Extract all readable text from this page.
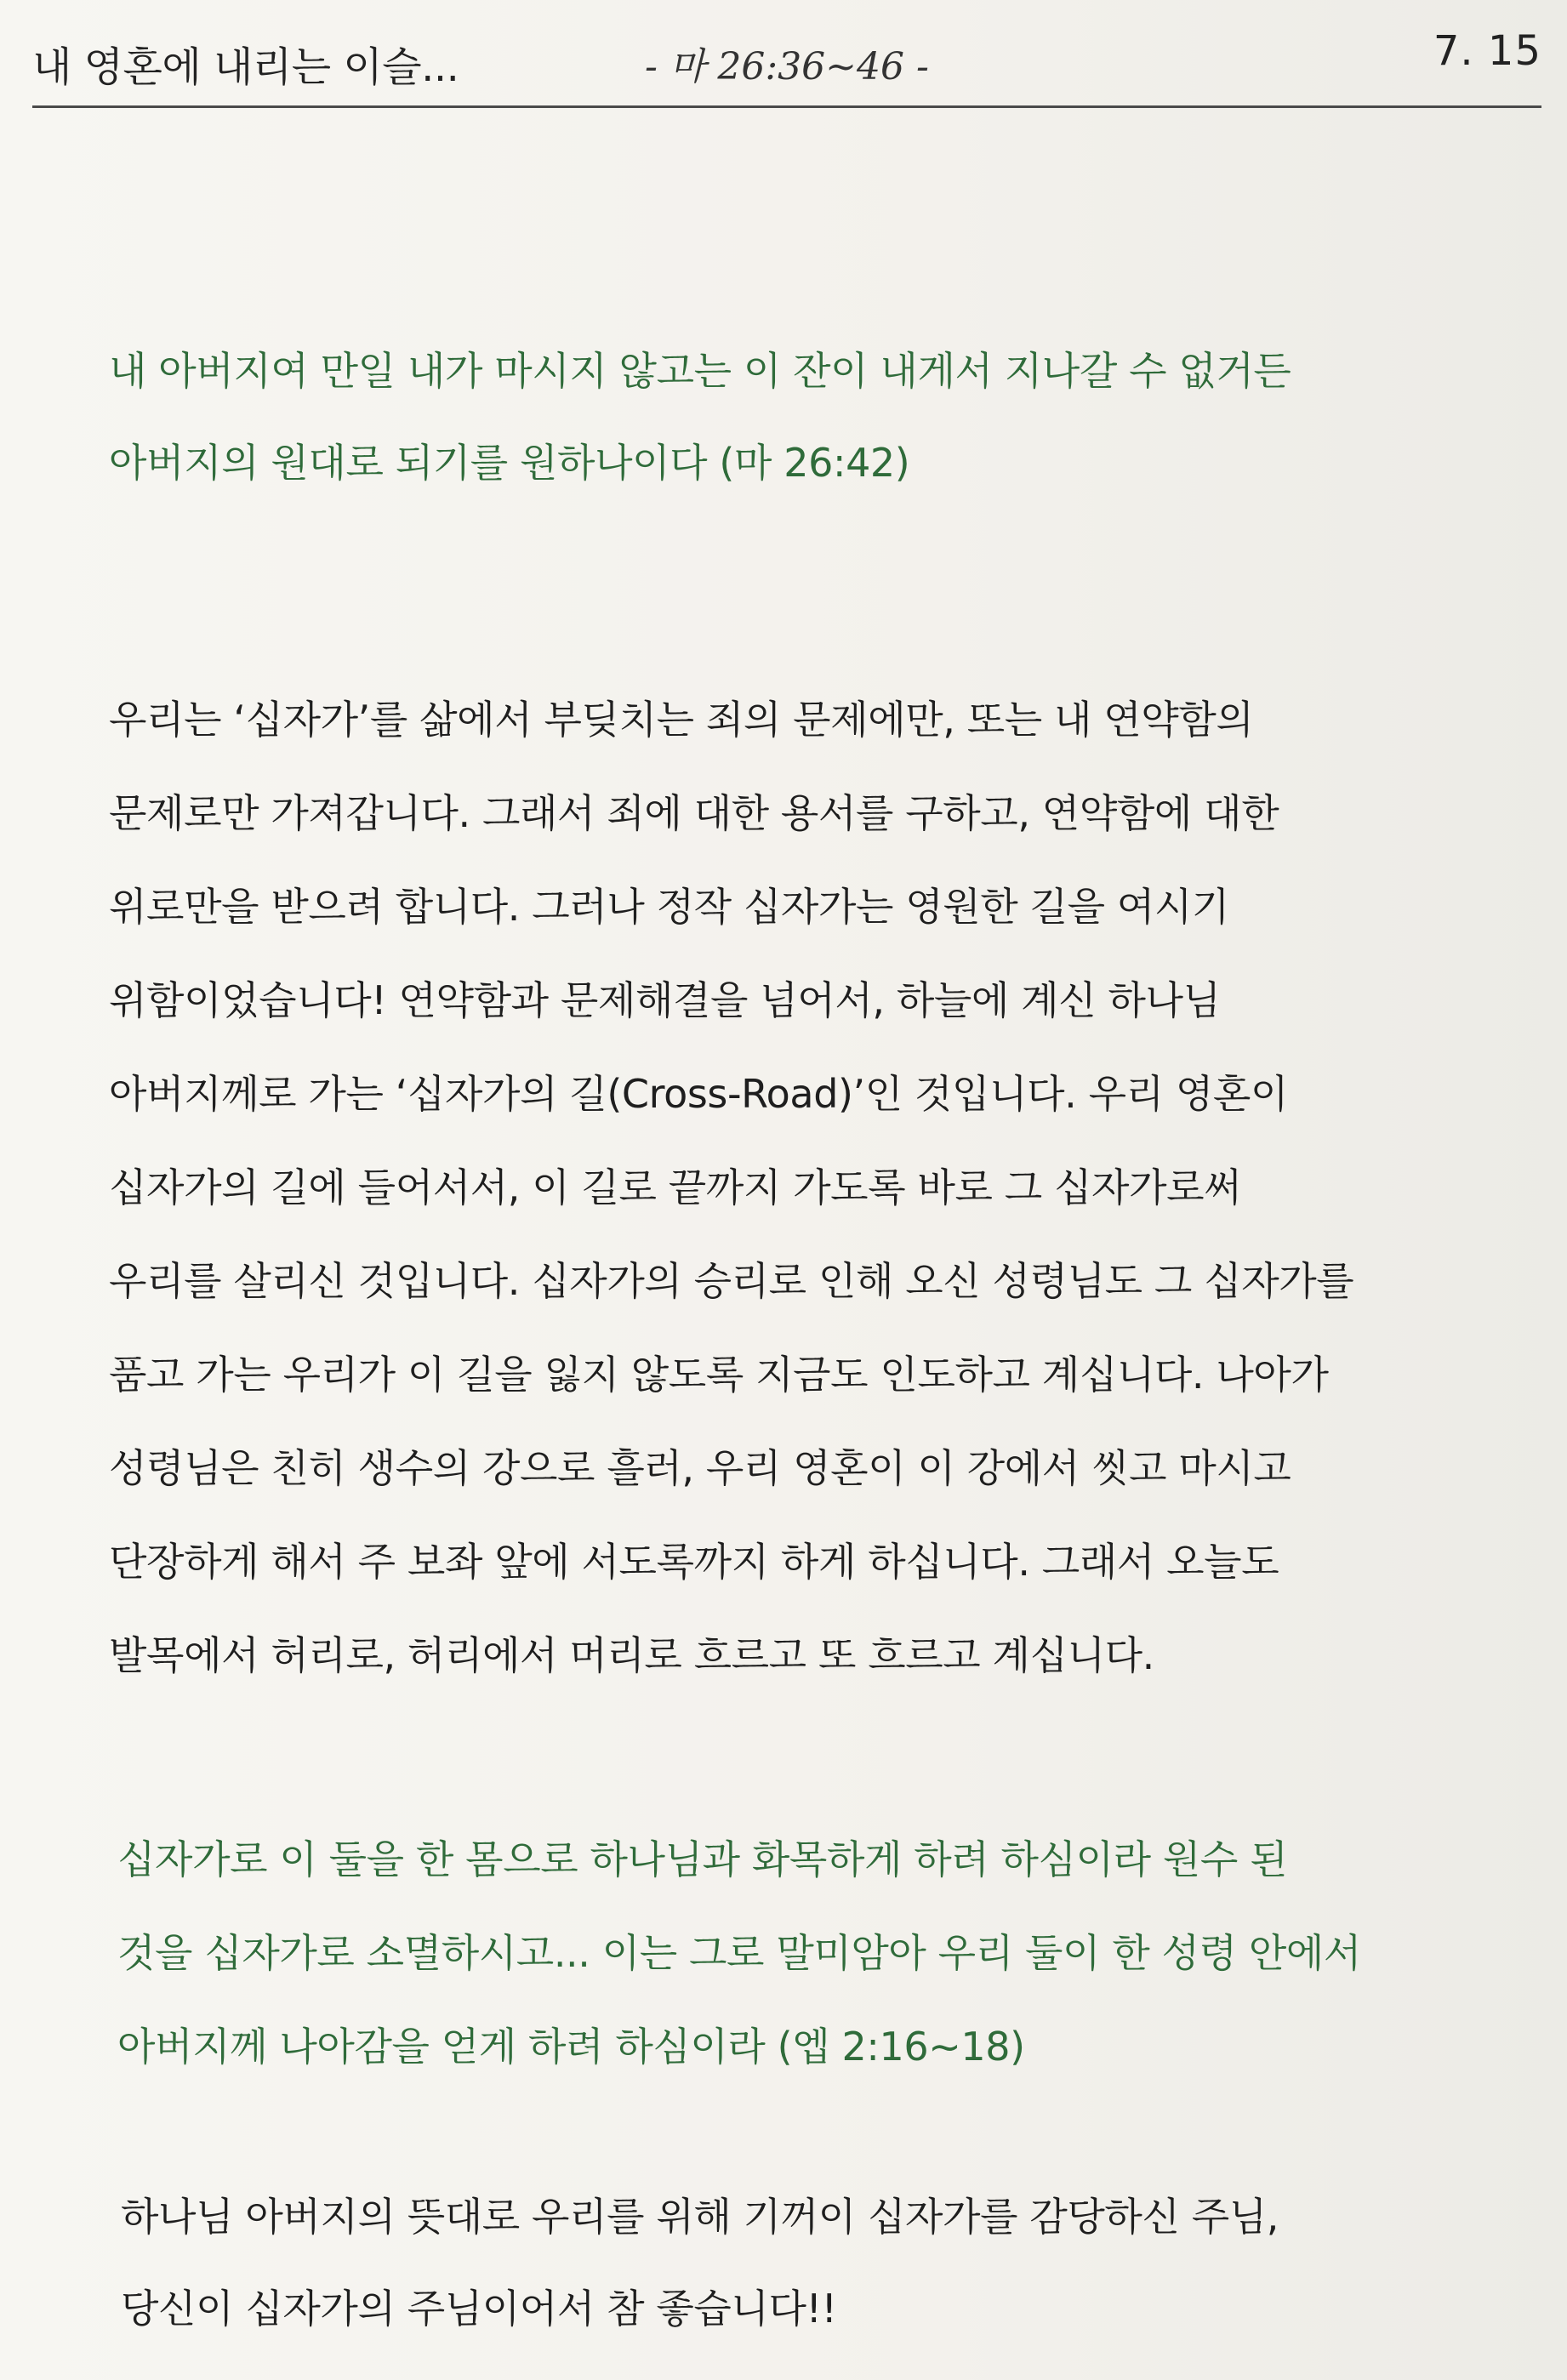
내 영혼에 내리는 이슬...	- 마 26:36~46 -	7. 15
내 아버지여 만일 내가 마시지 않고는 이 잔이 내게서 지나갈 수 없거든
아버지의 원대로 되기를 원하나이다 (마 26:42)
우리는 ‘십자가’를 삶에서 부딪치는 죄의 문제에만, 또는 내 연약함의
문제로만 가져갑니다. 그래서 죄에 대한 용서를 구하고, 연약함에 대한
위로만을 받으려 합니다. 그러나 정작 십자가는 영원한 길을 여시기
위함이었습니다! 연약함과 문제해결을 넘어서, 하늘에 계신 하나님
아버지께로 가는 ‘십자가의 길(Cross-Road)’인 것입니다. 우리 영혼이
십자가의 길에 들어서서, 이 길로 끝까지 가도록 바로 그 십자가로써
우리를 살리신 것입니다. 십자가의 승리로 인해 오신 성령님도 그 십자가를
품고 가는 우리가 이 길을 잃지 않도록 지금도 인도하고 계십니다. 나아가
성령님은 친히 생수의 강으로 흘러, 우리 영혼이 이 강에서 씻고 마시고
단장하게 해서 주 보좌 앞에 서도록까지 하게 하십니다. 그래서 오늘도
발목에서 허리로, 허리에서 머리로 흐르고 또 흐르고 계십니다.
십자가로 이 둘을 한 몸으로 하나님과 화목하게 하려 하심이라 원수 된
것을 십자가로 소멸하시고... 이는 그로 말미암아 우리 둘이 한 성령 안에서
아버지께 나아감을 얻게 하려 하심이라 (엡 2:16~18)
하나님 아버지의 뜻대로 우리를 위해 기꺼이 십자가를 감당하신 주님,
당신이 십자가의 주님이어서 참 좋습니다!!
